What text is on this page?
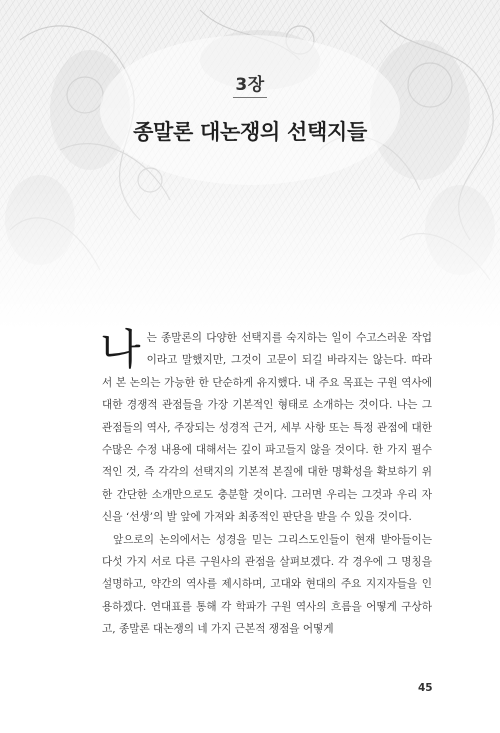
3장
종말론 대논쟁의 선택지들

나는 종말론의 다양한 선택지를 숙지하는 일이 수고스러운 작업이라고 말했지만, 그것이 고문이 되길 바라지는 않는다. 따라서 본 논의는 가능한 한 단순하게 유지했다. 내 주요 목표는 구원 역사에 대한 경쟁적 관점들을 가장 기본적인 형태로 소개하는 것이다. 나는 그 관점들의 역사, 주장되는 성경적 근거, 세부 사항 또는 특정 관점에 대한 수많은 수정 내용에 대해서는 깊이 파고들지 않을 것이다. 한 가지 필수적인 것, 즉 각각의 선택지의 기본적 본질에 대한 명확성을 확보하기 위한 간단한 소개만으로도 충분할 것이다. 그러면 우리는 그것과 우리 자신을 ‘선생’의 발 앞에 가져와 최종적인 판단을 받을 수 있을 것이다.

앞으로의 논의에서는 성경을 믿는 그리스도인들이 현재 받아들이는 다섯 가지 서로 다른 구원사의 관점을 살펴보겠다. 각 경우에 그 명칭을 설명하고, 약간의 역사를 제시하며, 고대와 현대의 주요 지지자들을 인용하겠다. 연대표를 통해 각 학파가 구원 역사의 흐름을 어떻게 구상하고, 종말론 대논쟁의 네 가지 근본적 쟁점을 어떻게

45
